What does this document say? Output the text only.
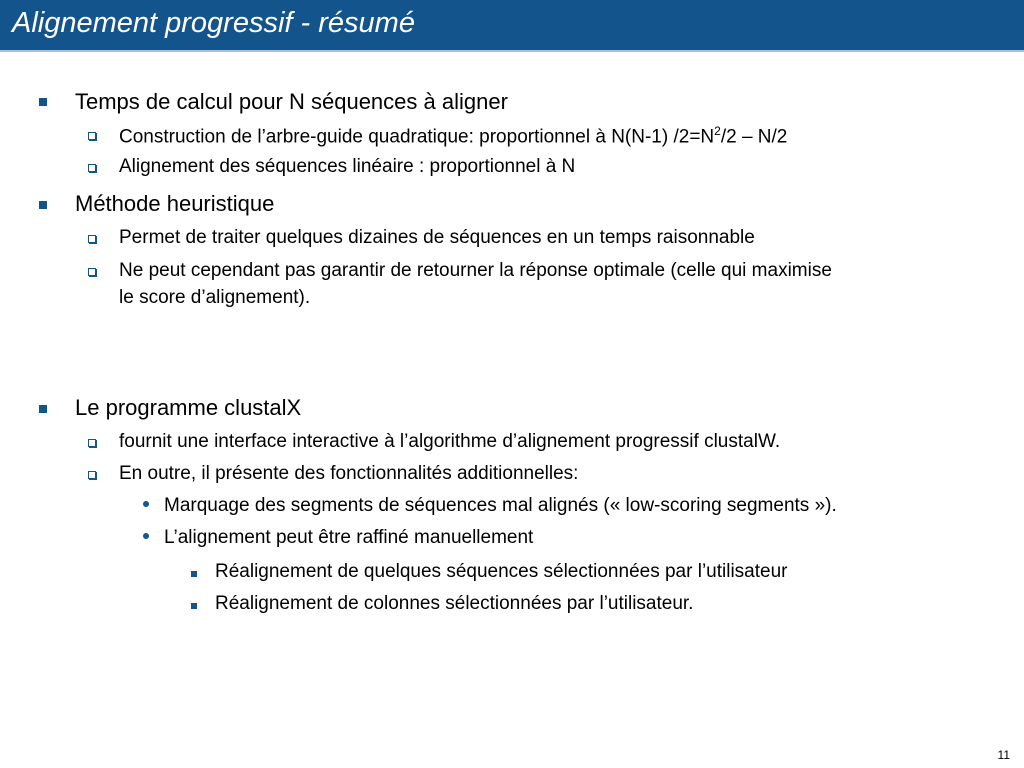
Alignement progressif - résumé
Temps de calcul pour N séquences à aligner
Construction de l’arbre-guide quadratique: proportionnel à N(N-1) $/2=N^2/2 - N/2$
Alignement des séquences linéaire : proportionnel à N
Méthode heuristique
Permet de traiter quelques dizaines de séquences en un temps raisonnable
Ne peut cependant pas garantir de retourner la réponse optimale (celle qui maximise
le score d’alignement).
Le programme clustalX
fournit une interface interactive à l’algorithme d’alignement progressif clustalW.
En outre, il présente des fonctionnalités additionnelles:
Marquage des segments de séquences mal alignés (« low-scoring segments »).
L’alignement peut être raffiné manuellement
Réalignement de quelques séquences sélectionnées par l’utilisateur
Réalignement de colonnes sélectionnées par l’utilisateur.
11
